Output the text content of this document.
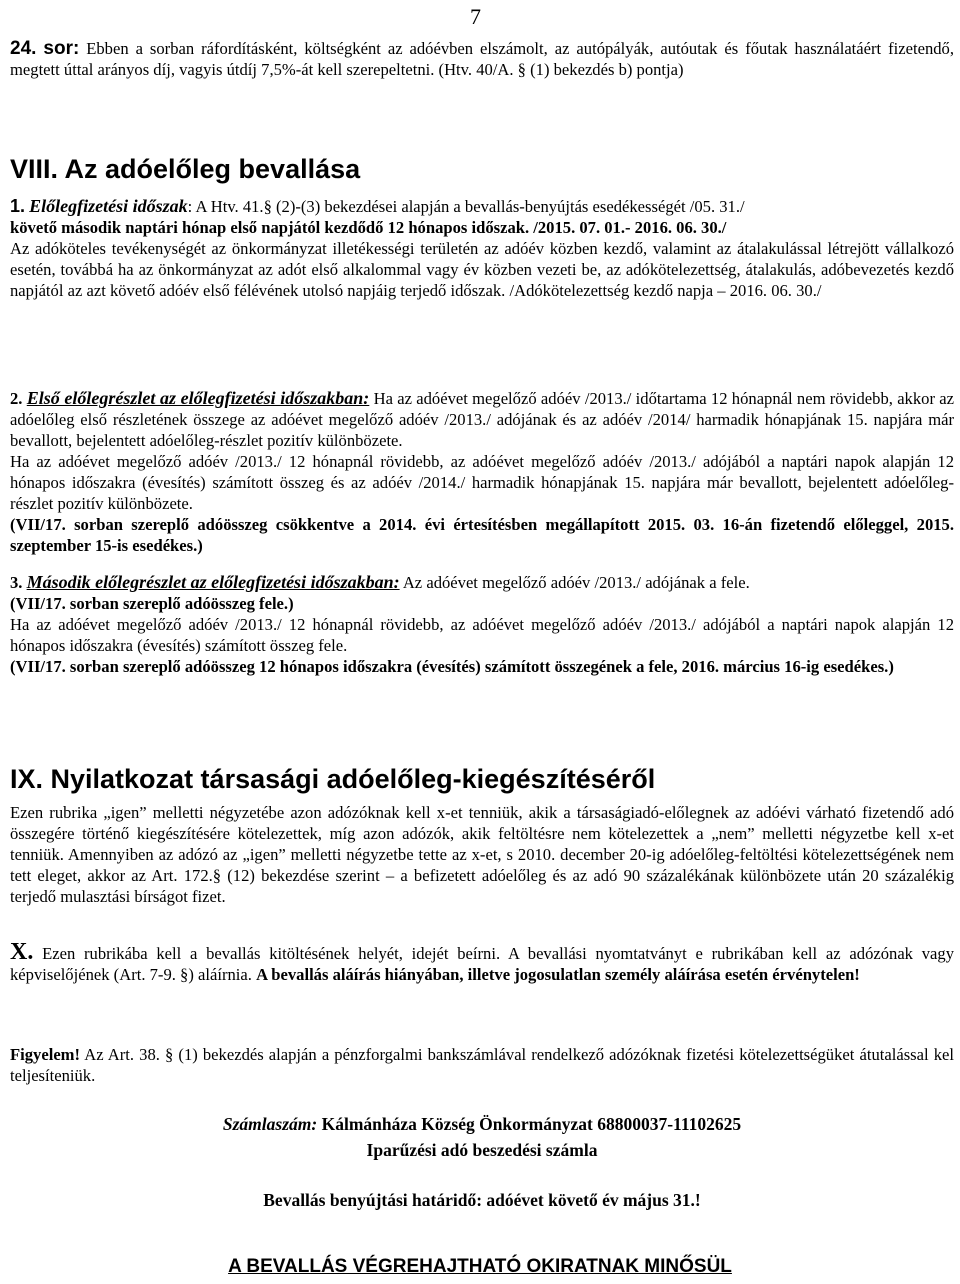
7
24. sor: Ebben a sorban ráfordításként, költségként az adóévben elszámolt, az autópályák, autóutak és főutak használatáért fizetendő, megtett úttal arányos díj, vagyis útdíj 7,5%-át kell szerepeltetni. (Htv. 40/A. § (1) bekezdés b) pontja)
VIII. Az adóelőleg bevallása
1. Előlegfizetési időszak: A Htv. 41.§ (2)-(3) bekezdései alapján a bevallás-benyújtás esedékességét /05. 31./
követő második naptári hónap első napjától kezdődő 12 hónapos időszak. /2015. 07. 01.- 2016. 06. 30./
Az adóköteles tevékenységét az önkormányzat illetékességi területén az adóév közben kezdő, valamint az átalakulással létrejött vállalkozó esetén, továbbá ha az önkormányzat az adót első alkalommal vagy év közben vezeti be, az adókötelezettség, átalakulás, adóbevezetés kezdő napjától az azt követő adóév első félévének utolsó napjáig terjedő időszak. /Adókötelezettség kezdő napja – 2016. 06. 30./
2. Első előlegrészlet az előlegfizetési időszakban: Ha az adóévet megelőző adóév /2013./ időtartama 12 hónapnál nem rövidebb, akkor az adóelőleg első részletének összege az adóévet megelőző adóév /2013./ adójának és az adóév /2014/ harmadik hónapjának 15. napjára már bevallott, bejelentett adóelőleg-részlet pozitív különbözete.
Ha az adóévet megelőző adóév /2013./ 12 hónapnál rövidebb, az adóévet megelőző adóév /2013./ adójából a naptári napok alapján 12 hónapos időszakra (évesítés) számított összeg és az adóév /2014./ harmadik hónapjának 15. napjára már bevallott, bejelentett adóelőleg-részlet pozitív különbözete.
(VII/17. sorban szereplő adóösszeg csökkentve a 2014. évi értesítésben megállapított 2015. 03. 16-án fizetendő előleggel, 2015. szeptember 15-is esedékes.)
3. Második előlegrészlet az előlegfizetési időszakban: Az adóévet megelőző adóév /2013./ adójának a fele.
(VII/17. sorban szereplő adóösszeg fele.)
Ha az adóévet megelőző adóév /2013./ 12 hónapnál rövidebb, az adóévet megelőző adóév /2013./ adójából a naptári napok alapján 12 hónapos időszakra (évesítés) számított összeg fele.
(VII/17. sorban szereplő adóösszeg 12 hónapos időszakra (évesítés) számított összegének a fele, 2016. március 16-ig esedékes.)
IX. Nyilatkozat társasági adóelőleg-kiegészítéséről
Ezen rubrika „igen” melletti négyzetébe azon adózóknak kell x-et tenniük, akik a társaságiadó-előlegnek az adóévi várható fizetendő adó összegére történő kiegészítésére kötelezettek, míg azon adózók, akik feltöltésre nem kötelezettek a „nem” melletti négyzetbe kell x-et tenniük. Amennyiben az adózó az „igen” melletti négyzetbe tette az x-et, s 2010. december 20-ig adóelőleg-feltöltési kötelezettségének nem tett eleget, akkor az Art. 172.§ (12) bekezdése szerint – a befizetett adóelőleg és az adó 90 százalékának különbözete után 20 százalékig terjedő mulasztási bírságot fizet.
X. Ezen rubrikába kell a bevallás kitöltésének helyét, idejét beírni. A bevallási nyomtatványt e rubrikában kell az adózónak vagy képviselőjének (Art. 7-9. §) aláírnia. A bevallás aláírás hiányában, illetve jogosulatlan személy aláírása esetén érvénytelen!
Figyelem! Az Art. 38. § (1) bekezdés alapján a pénzforgalmi bankszámlával rendelkező adózóknak fizetési kötelezettségüket átutalással kel teljesíteniük.
Számlaszám: Kálmánháza Község Önkormányzat 68800037-11102625
Iparűzési adó beszedési számla
Bevallás benyújtási határidő: adóévet követő év május 31.!
A BEVALLÁS VÉGREHAJTHATÓ OKIRATNAK MINŐSÜL
